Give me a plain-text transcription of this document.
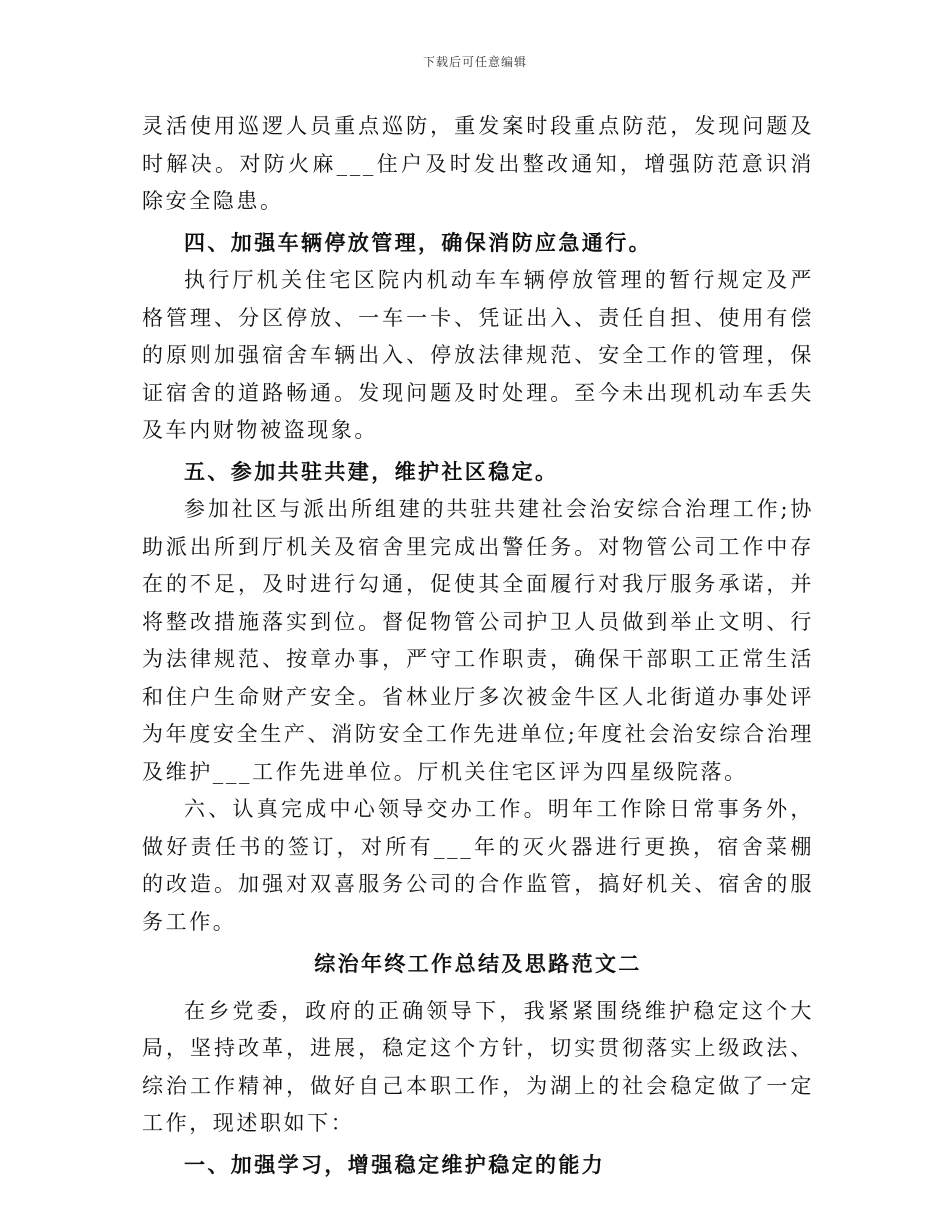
下载后可任意编辑

灵活使用巡逻人员重点巡防，重发案时段重点防范，发现问题及时解决。对防火麻___住户及时发出整改通知，增强防范意识消除安全隐患。

四、加强车辆停放管理，确保消防应急通行。

执行厅机关住宅区院内机动车车辆停放管理的暂行规定及严格管理、分区停放、一车一卡、凭证出入、责任自担、使用有偿的原则加强宿舍车辆出入、停放法律规范、安全工作的管理，保证宿舍的道路畅通。发现问题及时处理。至今未出现机动车丢失及车内财物被盗现象。

五、参加共驻共建，维护社区稳定。

参加社区与派出所组建的共驻共建社会治安综合治理工作;协助派出所到厅机关及宿舍里完成出警任务。对物管公司工作中存在的不足，及时进行勾通，促使其全面履行对我厅服务承诺，并将整改措施落实到位。督促物管公司护卫人员做到举止文明、行为法律规范、按章办事，严守工作职责，确保干部职工正常生活和住户生命财产安全。省林业厅多次被金牛区人北街道办事处评为年度安全生产、消防安全工作先进单位;年度社会治安综合治理及维护___工作先进单位。厅机关住宅区评为四星级院落。

六、认真完成中心领导交办工作。明年工作除日常事务外，做好责任书的签订，对所有___年的灭火器进行更换，宿舍菜棚的改造。加强对双喜服务公司的合作监管，搞好机关、宿舍的服务工作。

综治年终工作总结及思路范文二

在乡党委，政府的正确领导下，我紧紧围绕维护稳定这个大局，坚持改革，进展，稳定这个方针，切实贯彻落实上级政法、综治工作精神，做好自己本职工作，为湖上的社会稳定做了一定工作，现述职如下：

一、加强学习，增强稳定维护稳定的能力
